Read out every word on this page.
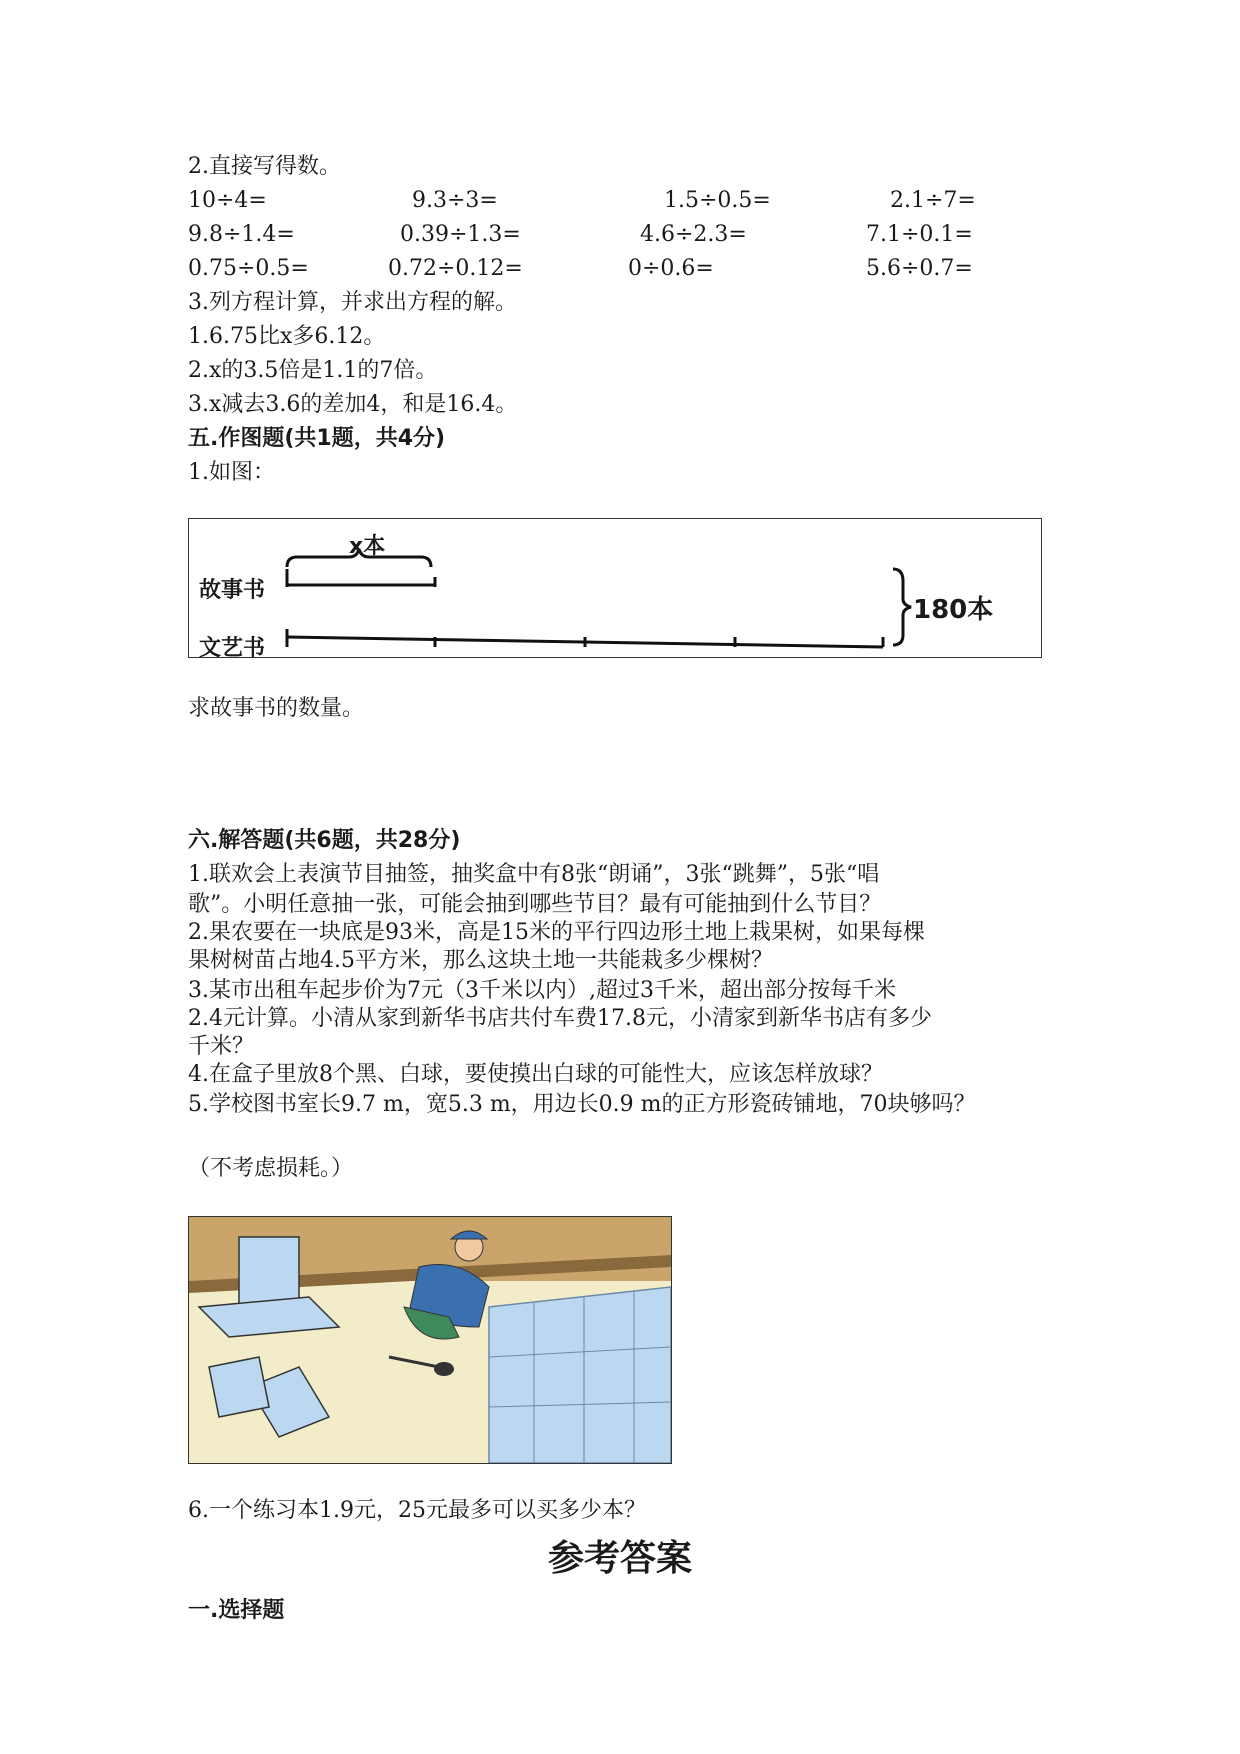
2.直接写得数。
10÷4=	9.3÷3=	1.5÷0.5=	2.1÷7=
9.8÷1.4=	0.39÷1.3=	4.6÷2.3=	7.1÷0.1=
0.75÷0.5=	0.72÷0.12=	0÷0.6=	5.6÷0.7=
3.列方程计算，并求出方程的解。
1.6.75比x多6.12。
2.x的3.5倍是1.1的7倍。
3.x减去3.6的差加4，和是16.4。
五.作图题(共1题，共4分)
1.如图：
x本
故事书
文艺书
180本
求故事书的数量。
六.解答题(共6题，共28分)
1.联欢会上表演节目抽签，抽奖盒中有8张“朗诵”，3张“跳舞”，5张“唱
歌”。小明任意抽一张，可能会抽到哪些节目？最有可能抽到什么节目？
2.果农要在一块底是93米，高是15米的平行四边形土地上栽果树，如果每棵
果树树苗占地4.5平方米，那么这块土地一共能栽多少棵树？
3.某市出租车起步价为7元（3千米以内）,超过3千米，超出部分按每千米
2.4元计算。小清从家到新华书店共付车费17.8元，小清家到新华书店有多少
千米？
4.在盒子里放8个黑、白球，要使摸出白球的可能性大，应该怎样放球？
5.学校图书室长9.7 m，宽5.3 m，用边长0.9 m的正方形瓷砖铺地，70块够吗？
（不考虑损耗。）
6.一个练习本1.9元，25元最多可以买多少本？
参考答案
一.选择题
